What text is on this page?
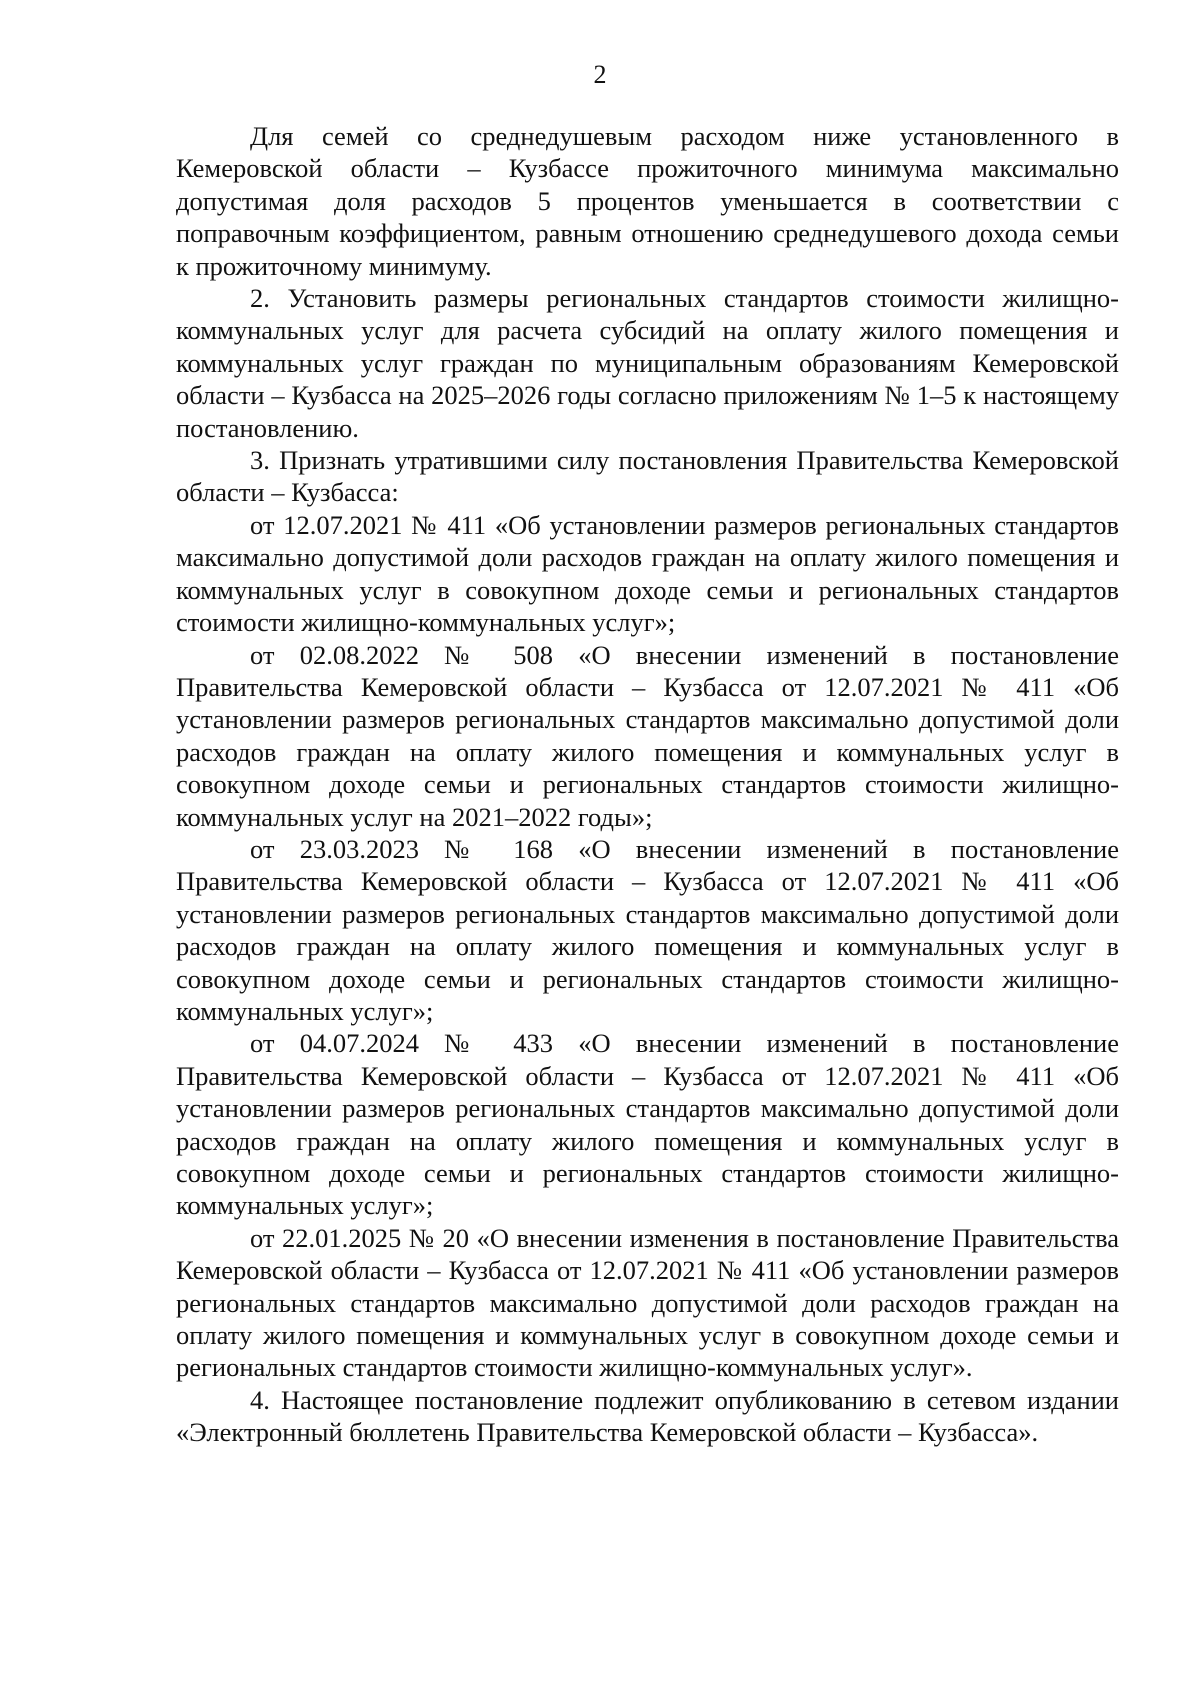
2

Для семей со среднедушевым расходом ниже установленного в Кемеровской области – Кузбассе прожиточного минимума максимально допустимая доля расходов 5 процентов уменьшается в соответствии с поправочным коэффициентом, равным отношению среднедушевого дохода семьи к прожиточному минимуму.

2. Установить размеры региональных стандартов стоимости жилищно-коммунальных услуг для расчета субсидий на оплату жилого помещения и коммунальных услуг граждан по муниципальным образованиям Кемеровской области – Кузбасса на 2025–2026 годы согласно приложениям № 1–5 к настоящему постановлению.

3. Признать утратившими силу постановления Правительства Кемеровской области – Кузбасса:

от 12.07.2021 № 411 «Об установлении размеров региональных стандартов максимально допустимой доли расходов граждан на оплату жилого помещения и коммунальных услуг в совокупном доходе семьи и региональных стандартов стоимости жилищно-коммунальных услуг»;

от 02.08.2022 № 508 «О внесении изменений в постановление Правительства Кемеровской области – Кузбасса от 12.07.2021 № 411 «Об установлении размеров региональных стандартов максимально допустимой доли расходов граждан на оплату жилого помещения и коммунальных услуг в совокупном доходе семьи и региональных стандартов стоимости жилищно-коммунальных услуг на 2021–2022 годы»;

от 23.03.2023 № 168 «О внесении изменений в постановление Правительства Кемеровской области – Кузбасса от 12.07.2021 № 411 «Об установлении размеров региональных стандартов максимально допустимой доли расходов граждан на оплату жилого помещения и коммунальных услуг в совокупном доходе семьи и региональных стандартов стоимости жилищно-коммунальных услуг»;

от 04.07.2024 № 433 «О внесении изменений в постановление Правительства Кемеровской области – Кузбасса от 12.07.2021 № 411 «Об установлении размеров региональных стандартов максимально допустимой доли расходов граждан на оплату жилого помещения и коммунальных услуг в совокупном доходе семьи и региональных стандартов стоимости жилищно-коммунальных услуг»;

от 22.01.2025 № 20 «О внесении изменения в постановление Правительства Кемеровской области – Кузбасса от 12.07.2021 № 411 «Об установлении размеров региональных стандартов максимально допустимой доли расходов граждан на оплату жилого помещения и коммунальных услуг в совокупном доходе семьи и региональных стандартов стоимости жилищно-коммунальных услуг».

4. Настоящее постановление подлежит опубликованию в сетевом издании «Электронный бюллетень Правительства Кемеровской области – Кузбасса».
